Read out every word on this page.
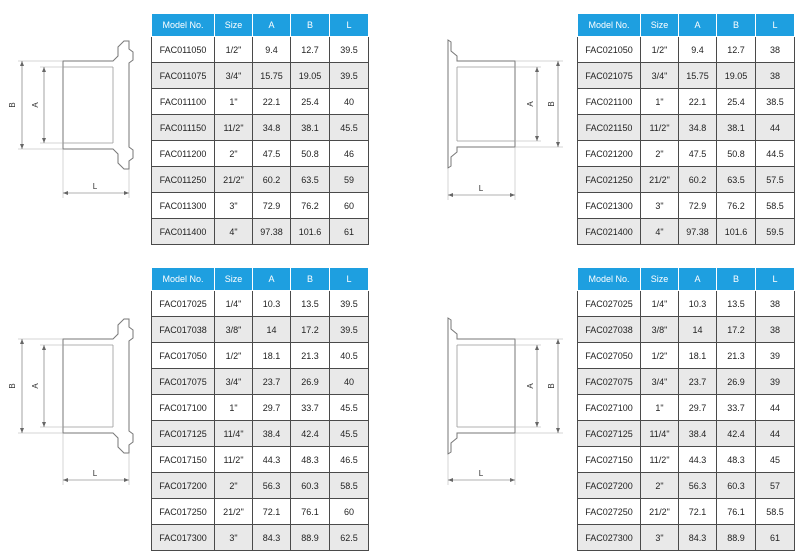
B A
L
Model No.	Size	A	B	L
FAC011050	1/2"	9.4	12.7	39.5
FAC011075	3/4"	15.75	19.05	39.5
FAC011100	1"	22.1	25.4	40
FAC011150	11/2"	34.8	38.1	45.5
FAC011200	2"	47.5	50.8	46
FAC011250	21/2"	60.2	63.5	59
FAC011300	3"	72.9	76.2	60
FAC011400	4"	97.38	101.6	61
A B
L
Model No.	Size	A	B	L
FAC021050	1/2"	9.4	12.7	38
FAC021075	3/4"	15.75	19.05	38
FAC021100	1"	22.1	25.4	38.5
FAC021150	11/2"	34.8	38.1	44
FAC021200	2"	47.5	50.8	44.5
FAC021250	21/2"	60.2	63.5	57.5
FAC021300	3"	72.9	76.2	58.5
FAC021400	4"	97.38	101.6	59.5
B A
L
Model No.	Size	A	B	L
FAC017025	1/4"	10.3	13.5	39.5
FAC017038	3/8"	14	17.2	39.5
FAC017050	1/2"	18.1	21.3	40.5
FAC017075	3/4"	23.7	26.9	40
FAC017100	1"	29.7	33.7	45.5
FAC017125	11/4"	38.4	42.4	45.5
FAC017150	11/2"	44.3	48.3	46.5
FAC017200	2"	56.3	60.3	58.5
FAC017250	21/2"	72.1	76.1	60
FAC017300	3"	84.3	88.9	62.5
A B
L
Model No.	Size	A	B	L
FAC027025	1/4"	10.3	13.5	38
FAC027038	3/8"	14	17.2	38
FAC027050	1/2"	18.1	21.3	39
FAC027075	3/4"	23.7	26.9	39
FAC027100	1"	29.7	33.7	44
FAC027125	11/4"	38.4	42.4	44
FAC027150	11/2"	44.3	48.3	45
FAC027200	2"	56.3	60.3	57
FAC027250	21/2"	72.1	76.1	58.5
FAC027300	3"	84.3	88.9	61
